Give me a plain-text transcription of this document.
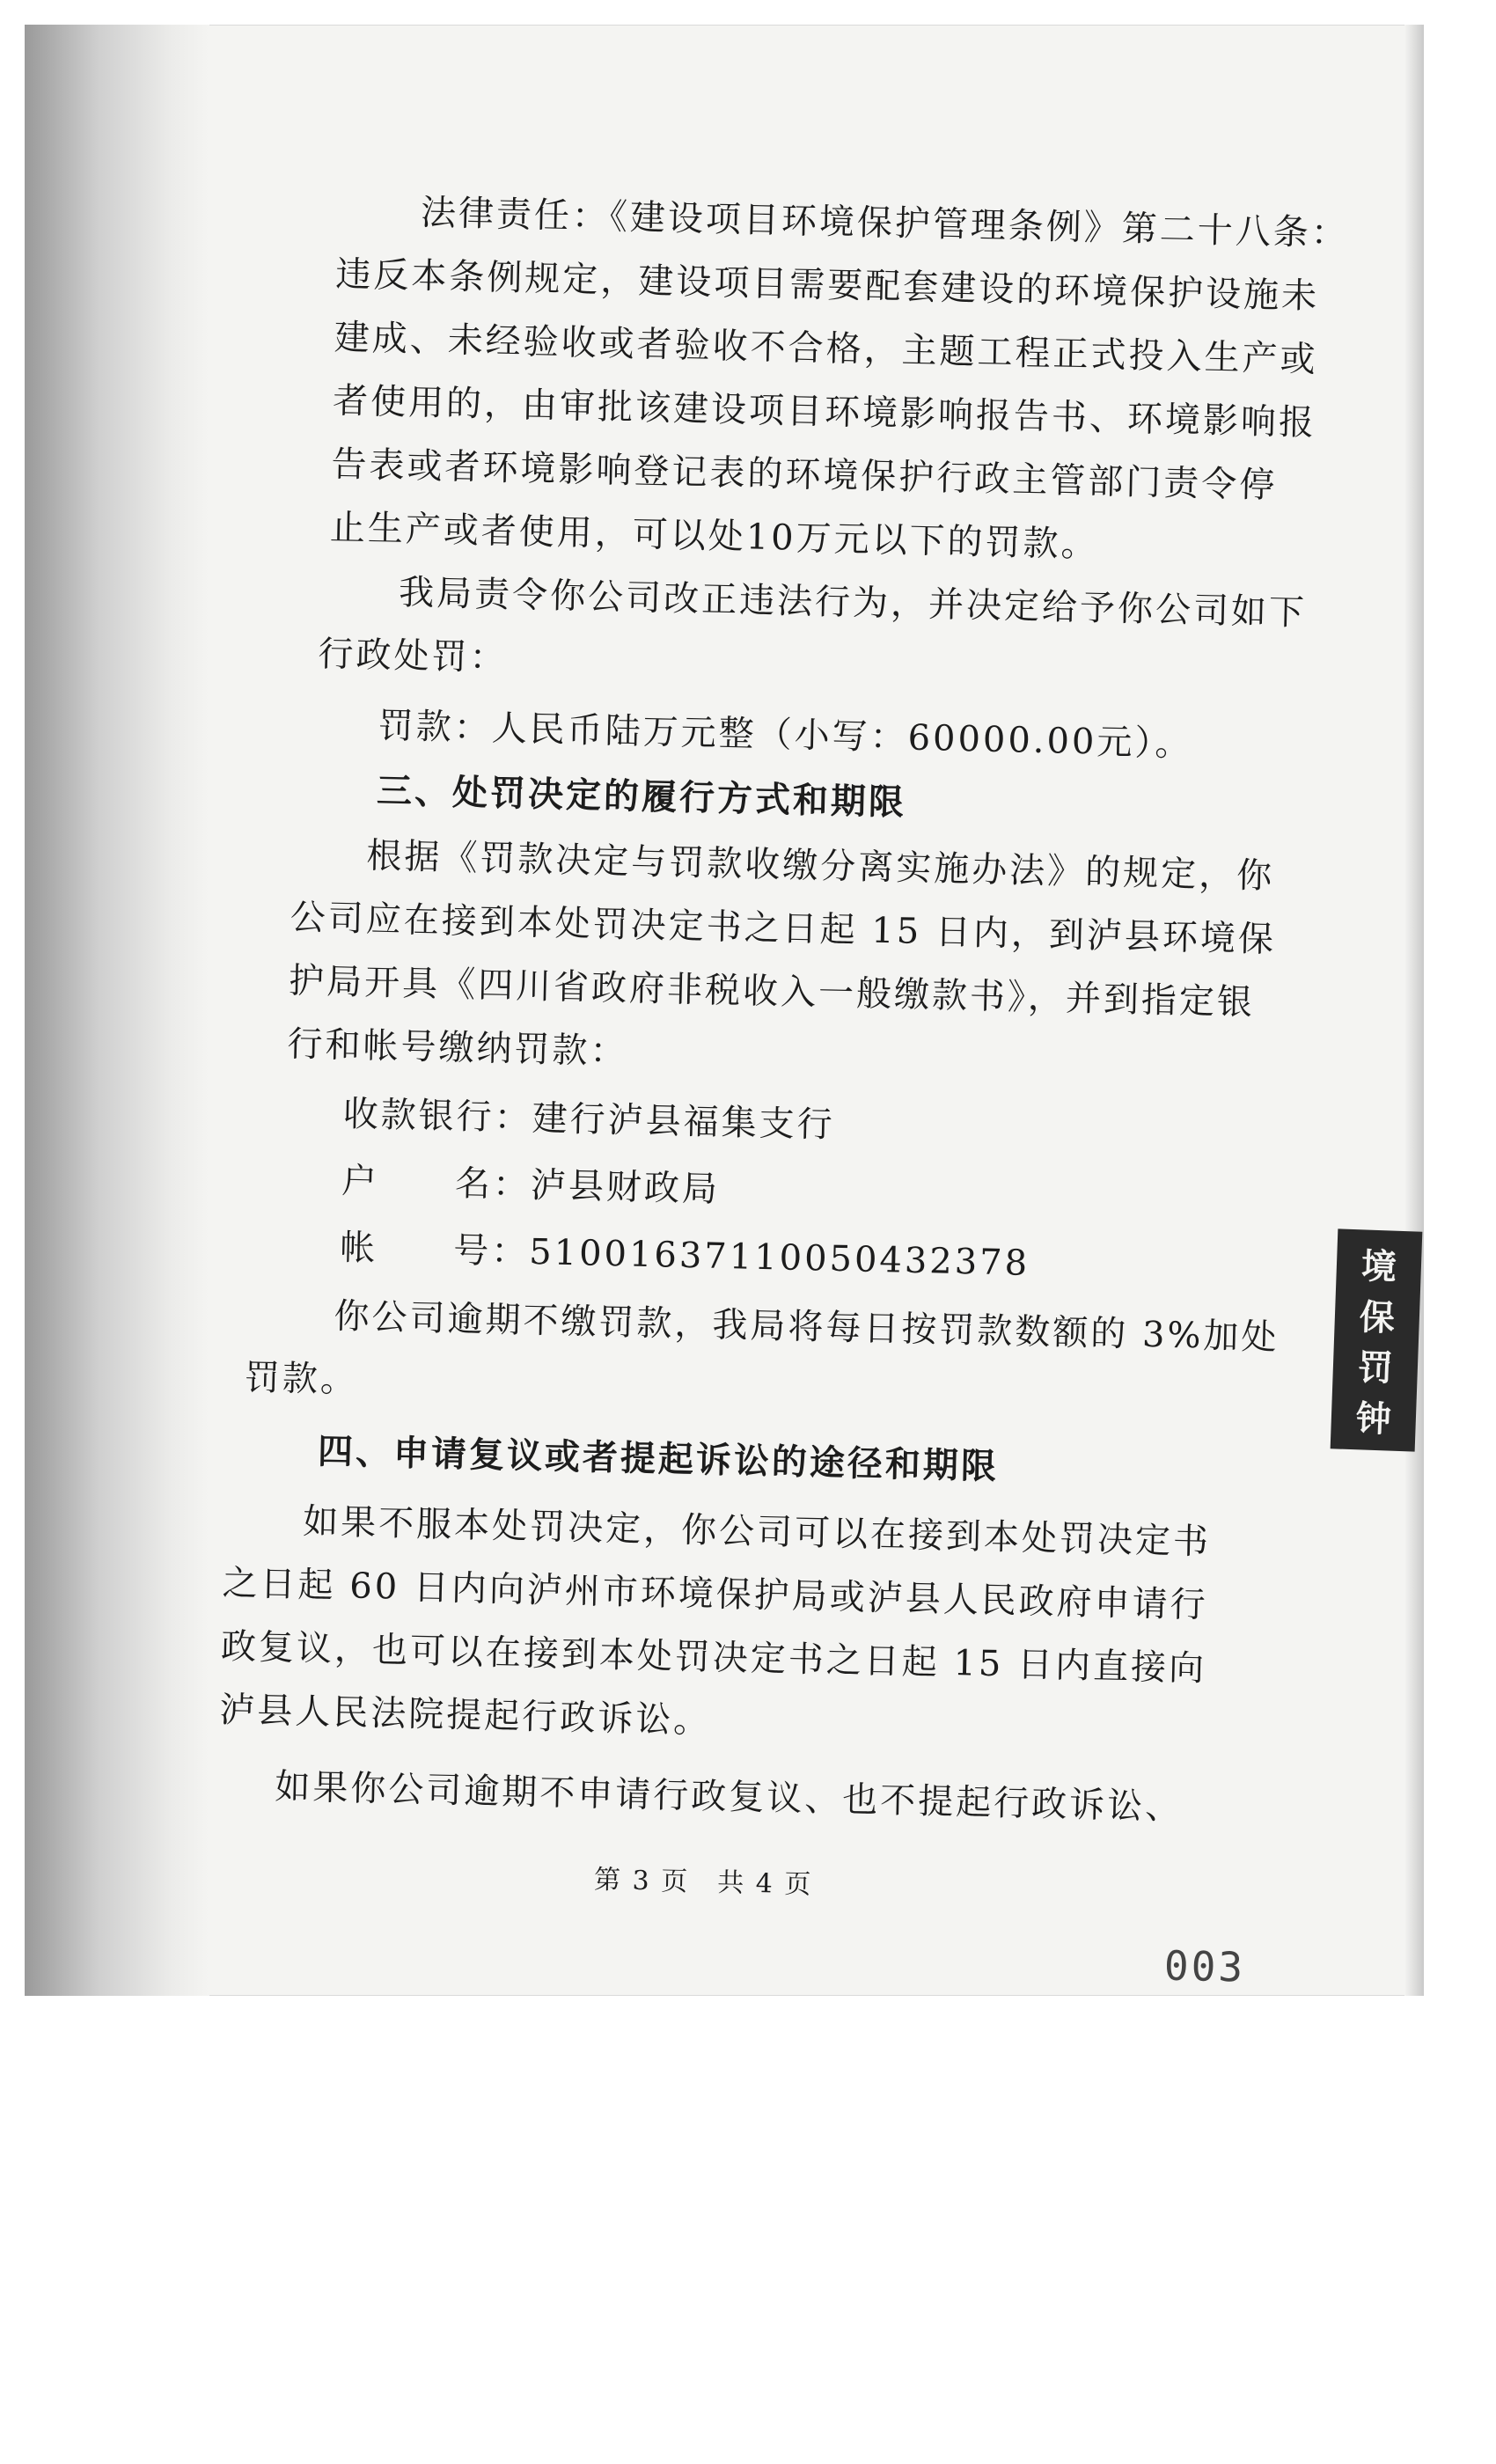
法律责任：《建设项目环境保护管理条例》第二十八条：
违反本条例规定，建设项目需要配套建设的环境保护设施未
建成、未经验收或者验收不合格，主题工程正式投入生产或
者使用的，由审批该建设项目环境影响报告书、环境影响报
告表或者环境影响登记表的环境保护行政主管部门责令停
止生产或者使用，可以处10万元以下的罚款。
我局责令你公司改正违法行为，并决定给予你公司如下
行政处罚：
罚款：人民币陆万元整（小写：60000.00元）。
三、处罚决定的履行方式和期限
根据《罚款决定与罚款收缴分离实施办法》的规定，你
公司应在接到本处罚决定书之日起 15 日内，到泸县环境保
护局开具《四川省政府非税收入一般缴款书》，并到指定银
行和帐号缴纳罚款：
收款银行：建行泸县福集支行
户　　名：泸县财政局
帐　　号：51001637110050432378
你公司逾期不缴罚款，我局将每日按罚款数额的 3%加处
罚款。
四、申请复议或者提起诉讼的途径和期限
如果不服本处罚决定，你公司可以在接到本处罚决定书
之日起 60 日内向泸州市环境保护局或泸县人民政府申请行
政复议，也可以在接到本处罚决定书之日起 15 日内直接向
泸县人民法院提起行政诉讼。
如果你公司逾期不申请行政复议、也不提起行政诉讼、
第 3 页　共 4 页
003
境
保
罚
钟
